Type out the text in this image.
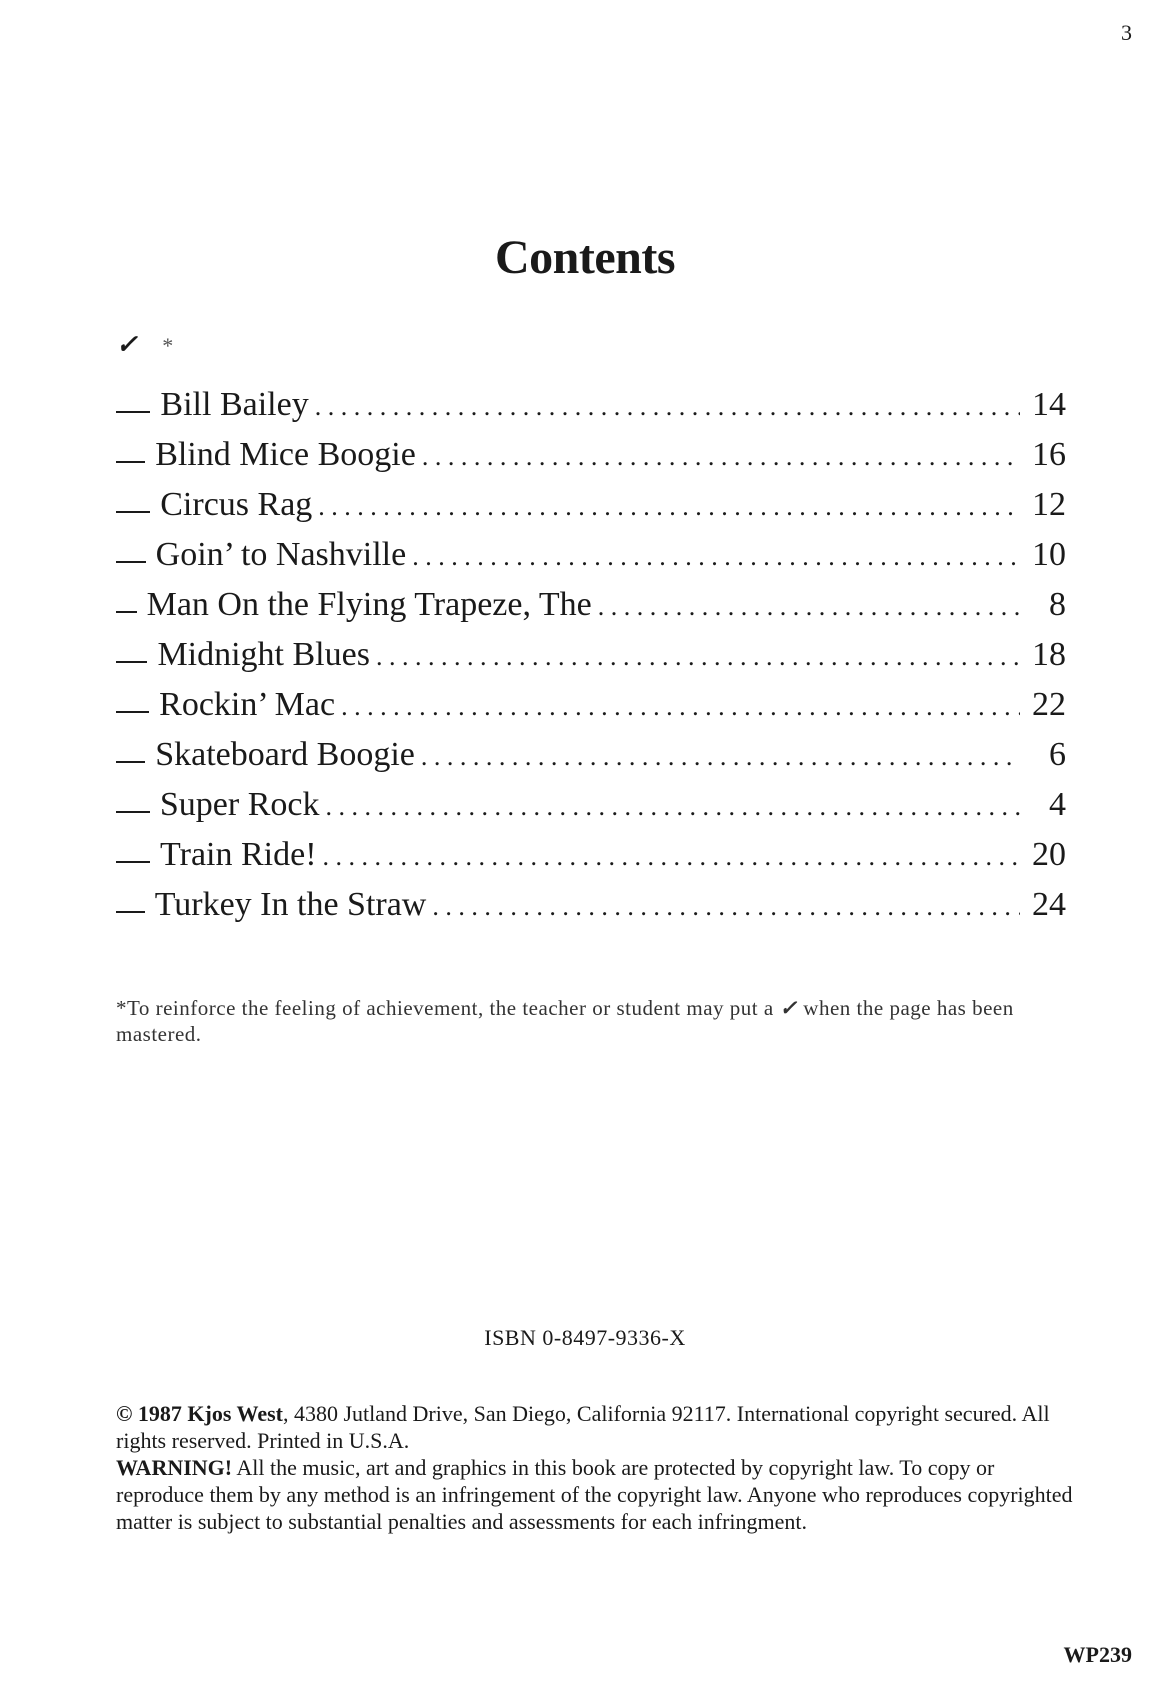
3
Contents
✓ *
Bill Bailey . . .	14
Blind Mice Boogie . . .	16
Circus Rag . . .	12
Goin’ to Nashville . . .	10
Man On the Flying Trapeze, The . . .	8
Midnight Blues . . .	18
Rockin’ Mac . . .	22
Skateboard Boogie . . .	6
Super Rock . . .	4
Train Ride! . . .	20
Turkey In the Straw . . .	24
*To reinforce the feeling of achievement, the teacher or student may put a ✓ when the page has been mastered.
ISBN 0-8497-9336-X
© 1987 Kjos West, 4380 Jutland Drive, San Diego, California 92117. International copyright secured. All rights reserved. Printed in U.S.A.
WARNING! All the music, art and graphics in this book are protected by copyright law. To copy or reproduce them by any method is an infringement of the copyright law. Anyone who reproduces copyrighted matter is subject to substantial penalties and assessments for each infringment.
WP239
